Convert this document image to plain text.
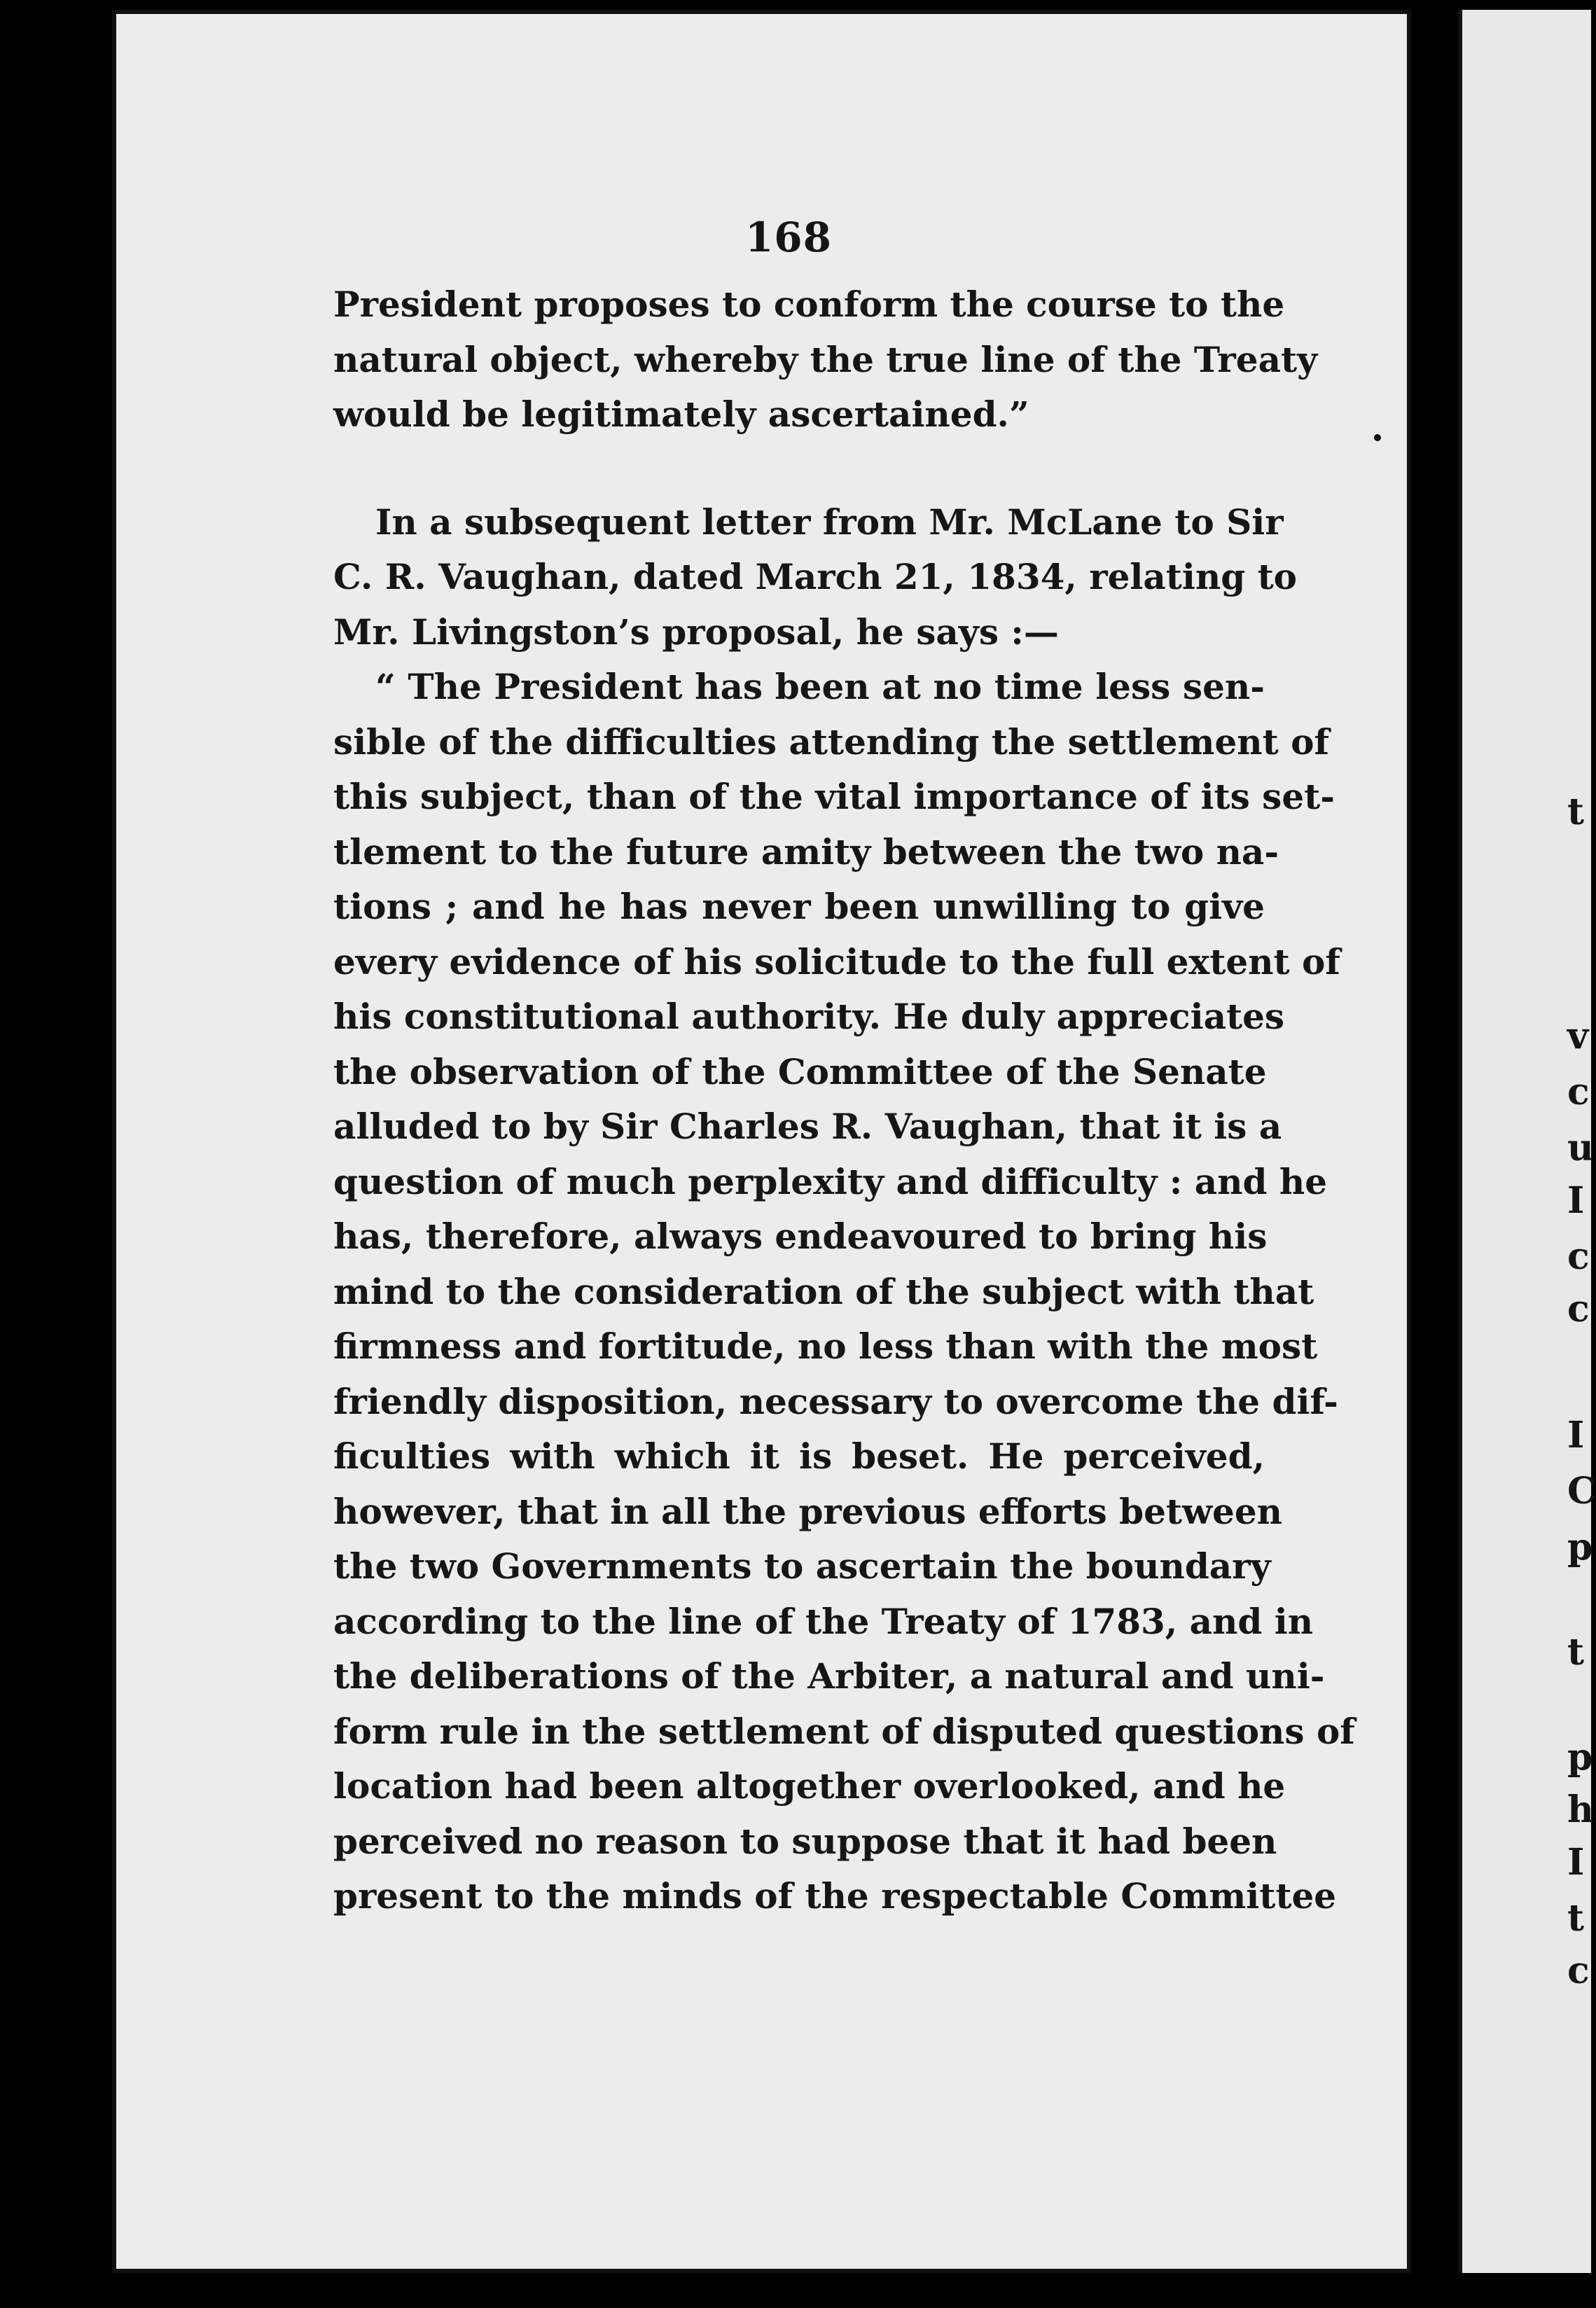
t
v
c
u
I
c
c
I
C
p
t
p
h
I
t
c
168
President proposes to conform the course to the
natural object, whereby the true line of the Treaty
would be legitimately ascertained.”
In a subsequent letter from Mr. McLane to Sir
C. R. Vaughan, dated March 21, 1834, relating to
Mr. Livingston’s proposal, he says :—
“ The President has been at no time less sen-
sible of the difficulties attending the settlement of
this subject, than of the vital importance of its set-
tlement to the future amity between the two na-
tions ; and he has never been unwilling to give
every evidence of his solicitude to the full extent of
his constitutional authority. He duly appreciates
the observation of the Committee of the Senate
alluded to by Sir Charles R. Vaughan, that it is a
question of much perplexity and difficulty : and he
has, therefore, always endeavoured to bring his
mind to the consideration of the subject with that
firmness and fortitude, no less than with the most
friendly disposition, necessary to overcome the dif-
ficulties with which it is beset. He perceived,
however, that in all the previous efforts between
the two Governments to ascertain the boundary
according to the line of the Treaty of 1783, and in
the deliberations of the Arbiter, a natural and uni-
form rule in the settlement of disputed questions of
location had been altogether overlooked, and he
perceived no reason to suppose that it had been
present to the minds of the respectable Committee
